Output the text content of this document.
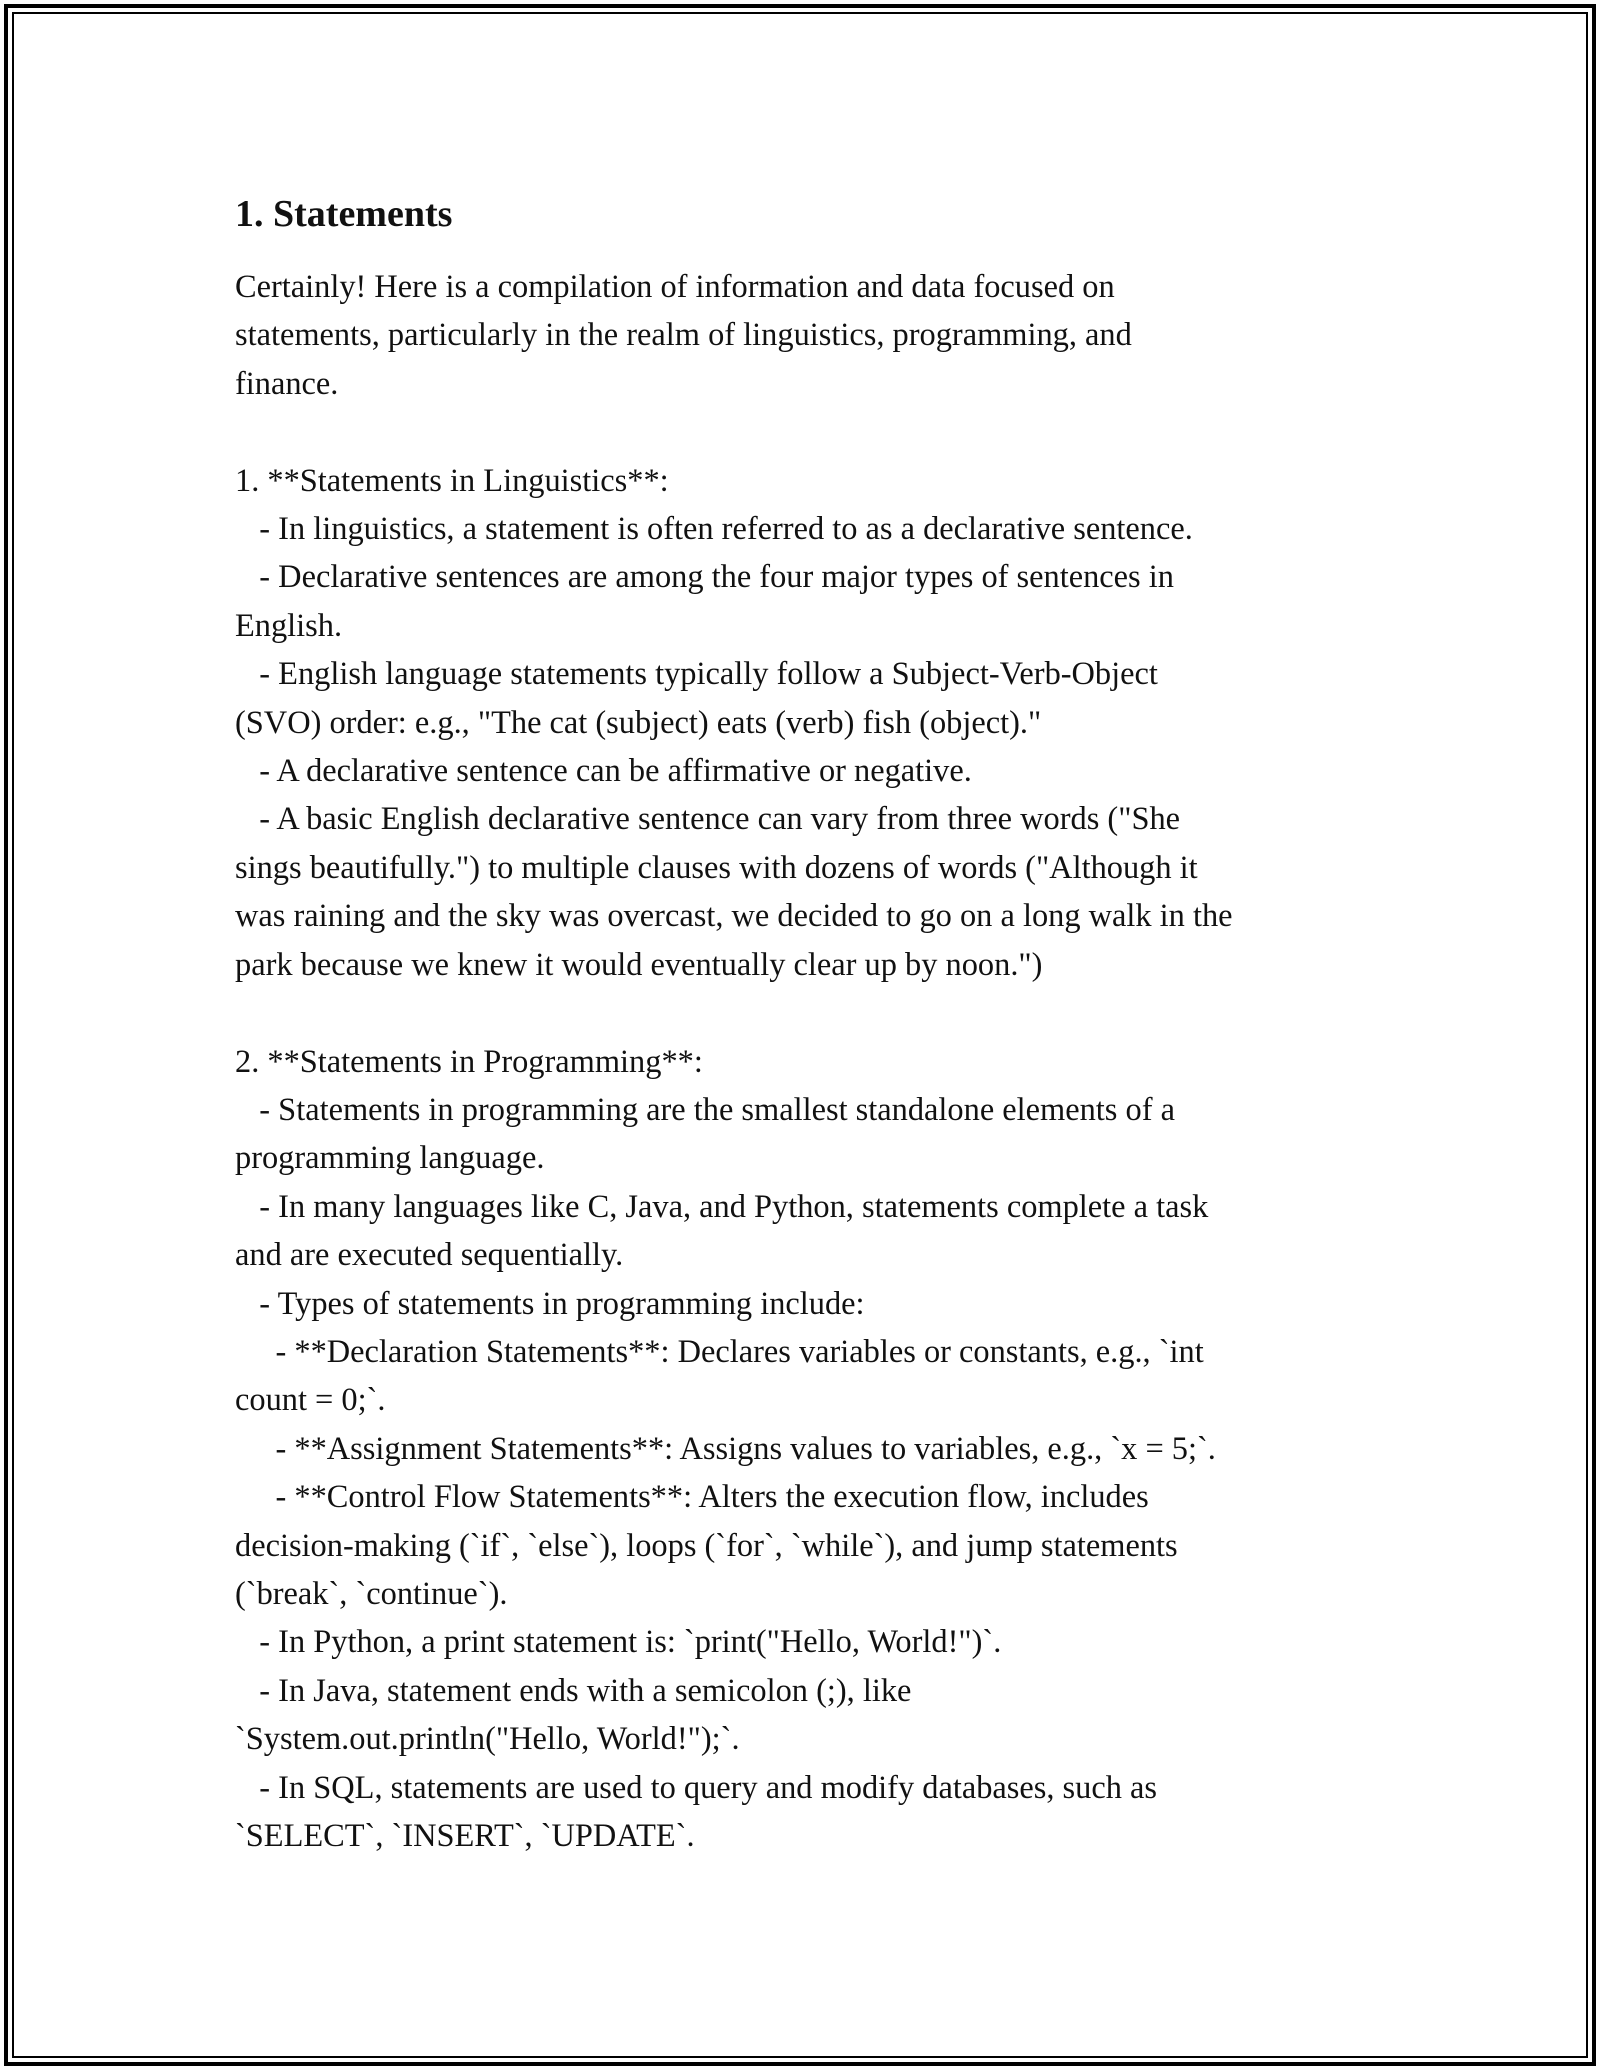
1. Statements
Certainly! Here is a compilation of information and data focused on
statements, particularly in the realm of linguistics, programming, and
finance.

1. **Statements in Linguistics**:
- In linguistics, a statement is often referred to as a declarative sentence.
- Declarative sentences are among the four major types of sentences in
English.
- English language statements typically follow a Subject-Verb-Object
(SVO) order: e.g., "The cat (subject) eats (verb) fish (object)."
- A declarative sentence can be affirmative or negative.
- A basic English declarative sentence can vary from three words ("She
sings beautifully.") to multiple clauses with dozens of words ("Although it
was raining and the sky was overcast, we decided to go on a long walk in the
park because we knew it would eventually clear up by noon.")

2. **Statements in Programming**:
- Statements in programming are the smallest standalone elements of a
programming language.
- In many languages like C, Java, and Python, statements complete a task
and are executed sequentially.
- Types of statements in programming include:
- **Declaration Statements**: Declares variables or constants, e.g., `int
count = 0;`.
- **Assignment Statements**: Assigns values to variables, e.g., `x = 5;`.
- **Control Flow Statements**: Alters the execution flow, includes
decision-making (`if`, `else`), loops (`for`, `while`), and jump statements
(`break`, `continue`).
- In Python, a print statement is: `print("Hello, World!")`.
- In Java, statement ends with a semicolon (;), like
`System.out.println("Hello, World!");`.
- In SQL, statements are used to query and modify databases, such as
`SELECT`, `INSERT`, `UPDATE`.
